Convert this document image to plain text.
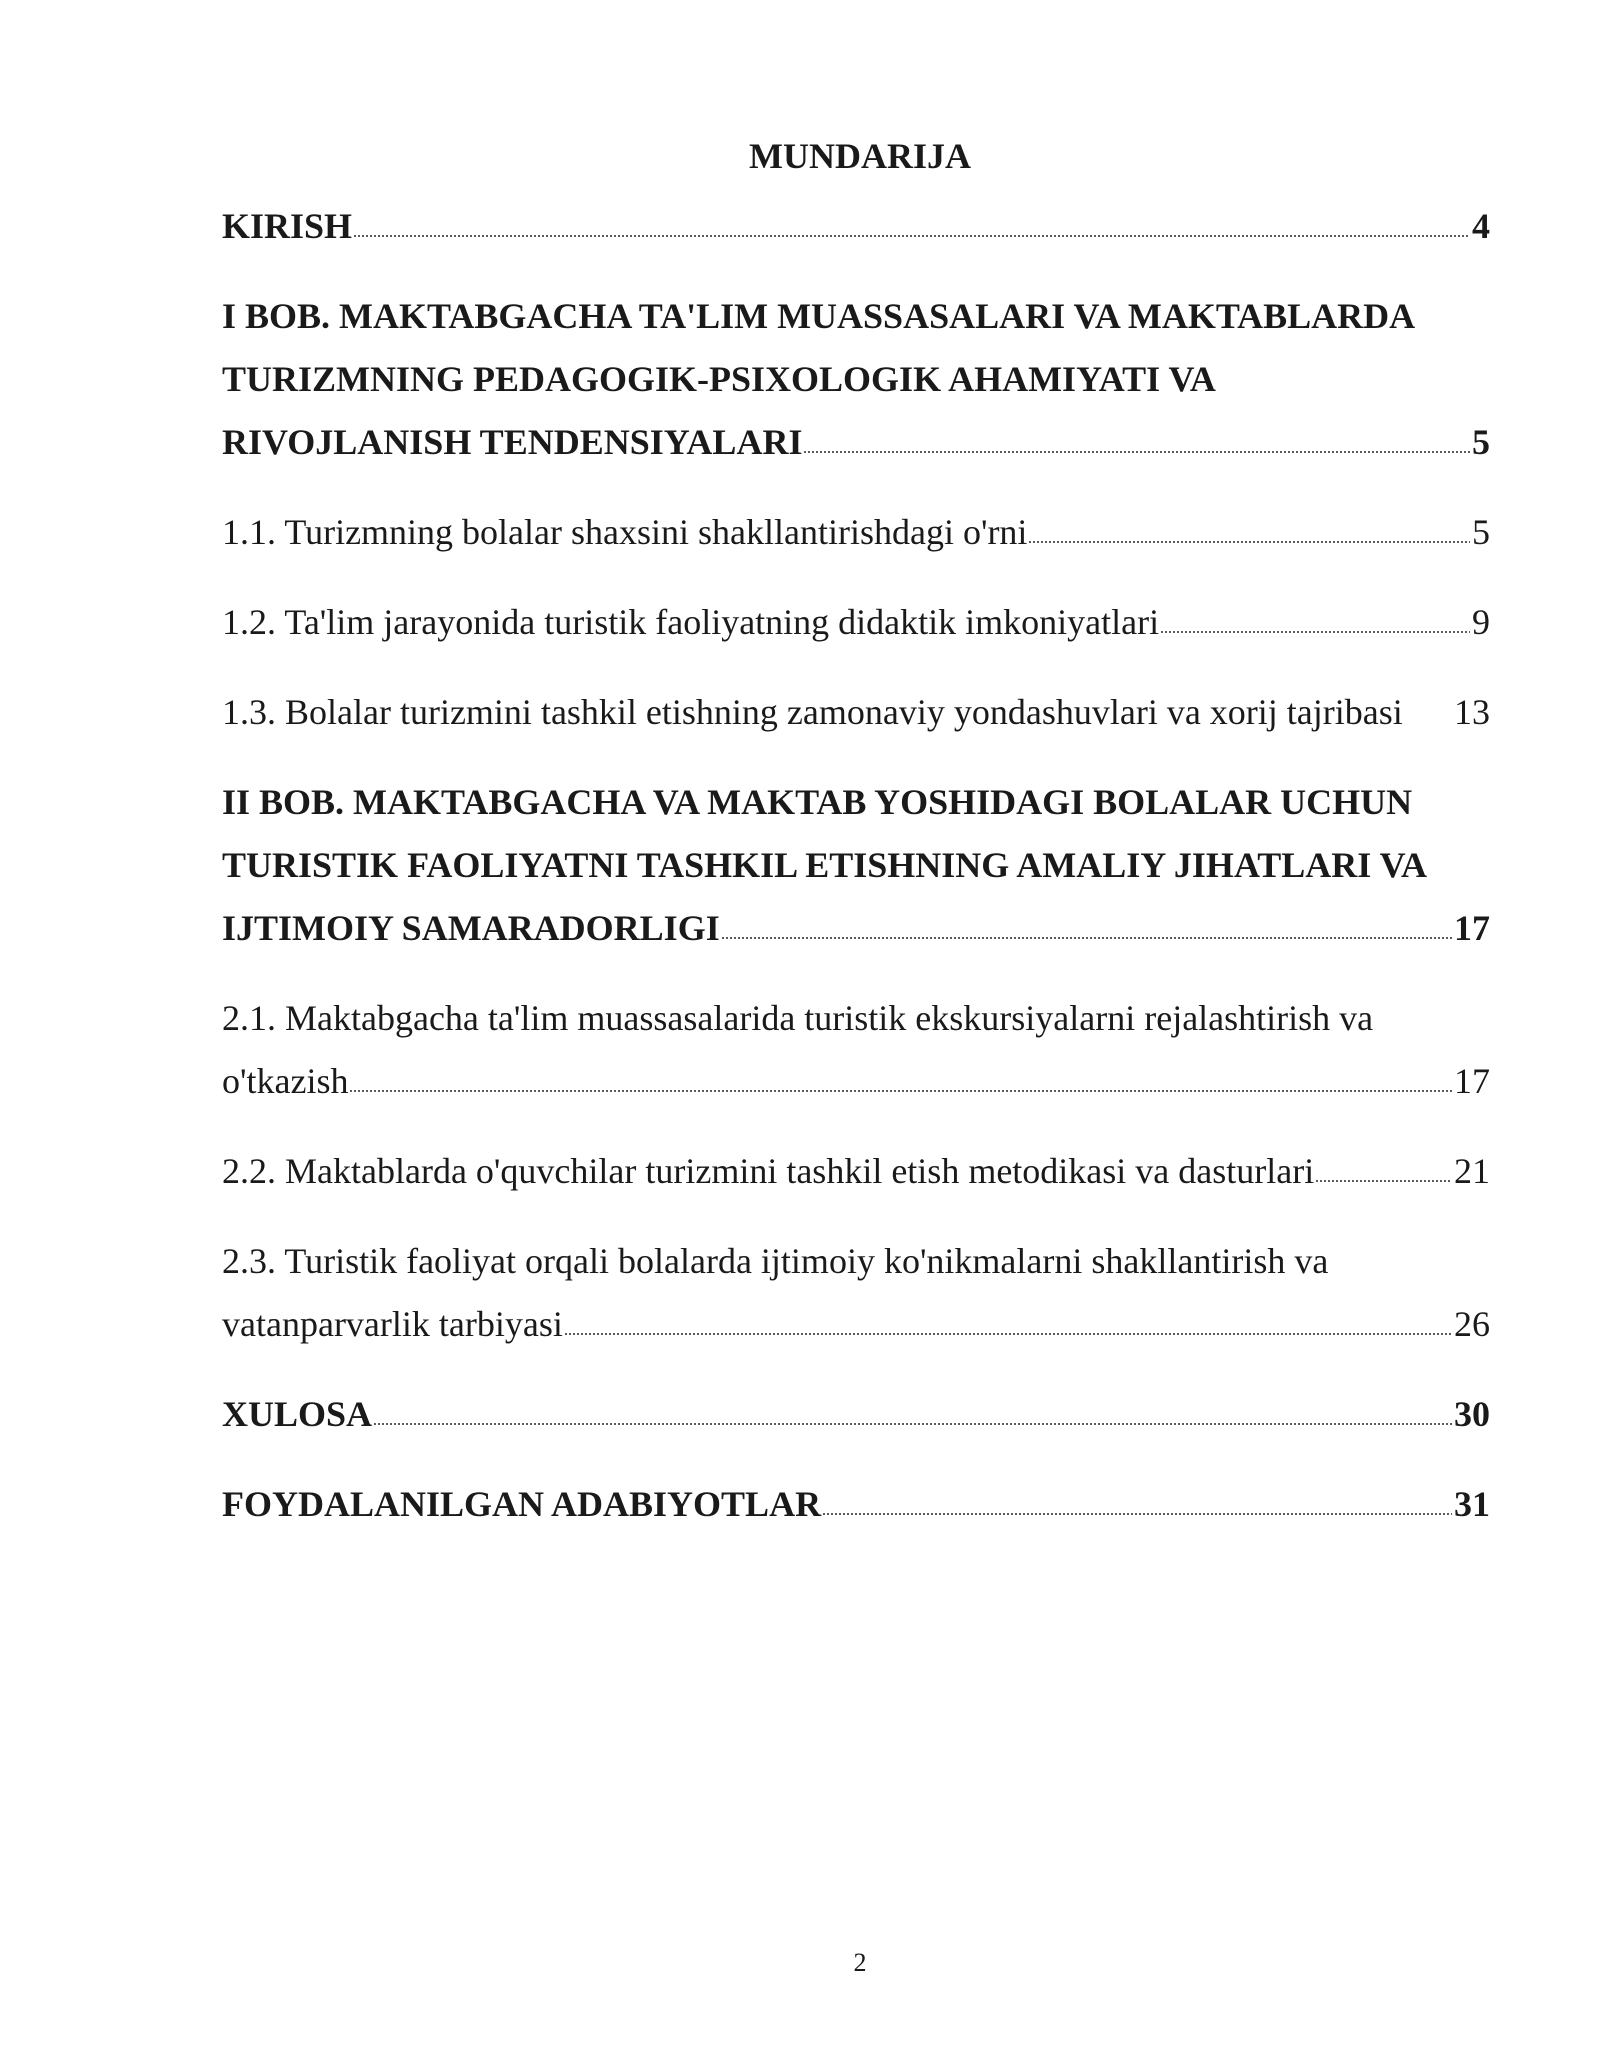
MUNDARIJA
KIRISH	4
I BOB. MAKTABGACHA TA'LIM MUASSASALARI VA MAKTABLARDA
TURIZMNING PEDAGOGIK-PSIXOLOGIK AHAMIYATI VA
RIVOJLANISH TENDENSIYALARI	5
1.1. Turizmning bolalar shaxsini shakllantirishdagi o'rni	5
1.2. Ta'lim jarayonida turistik faoliyatning didaktik imkoniyatlari	9
1.3. Bolalar turizmini tashkil etishning zamonaviy yondashuvlari va xorij tajribasi 13
II BOB. MAKTABGACHA VA MAKTAB YOSHIDAGI BOLALAR UCHUN
TURISTIK FAOLIYATNI TASHKIL ETISHNING AMALIY JIHATLARI VA
IJTIMOIY SAMARADORLIGI	17
2.1. Maktabgacha ta'lim muassasalarida turistik ekskursiyalarni rejalashtirish va
o'tkazish	17
2.2. Maktablarda o'quvchilar turizmini tashkil etish metodikasi va dasturlari	21
2.3. Turistik faoliyat orqali bolalarda ijtimoiy ko'nikmalarni shakllantirish va
vatanparvarlik tarbiyasi	26
XULOSA	30
FOYDALANILGAN ADABIYOTLAR	31
2
